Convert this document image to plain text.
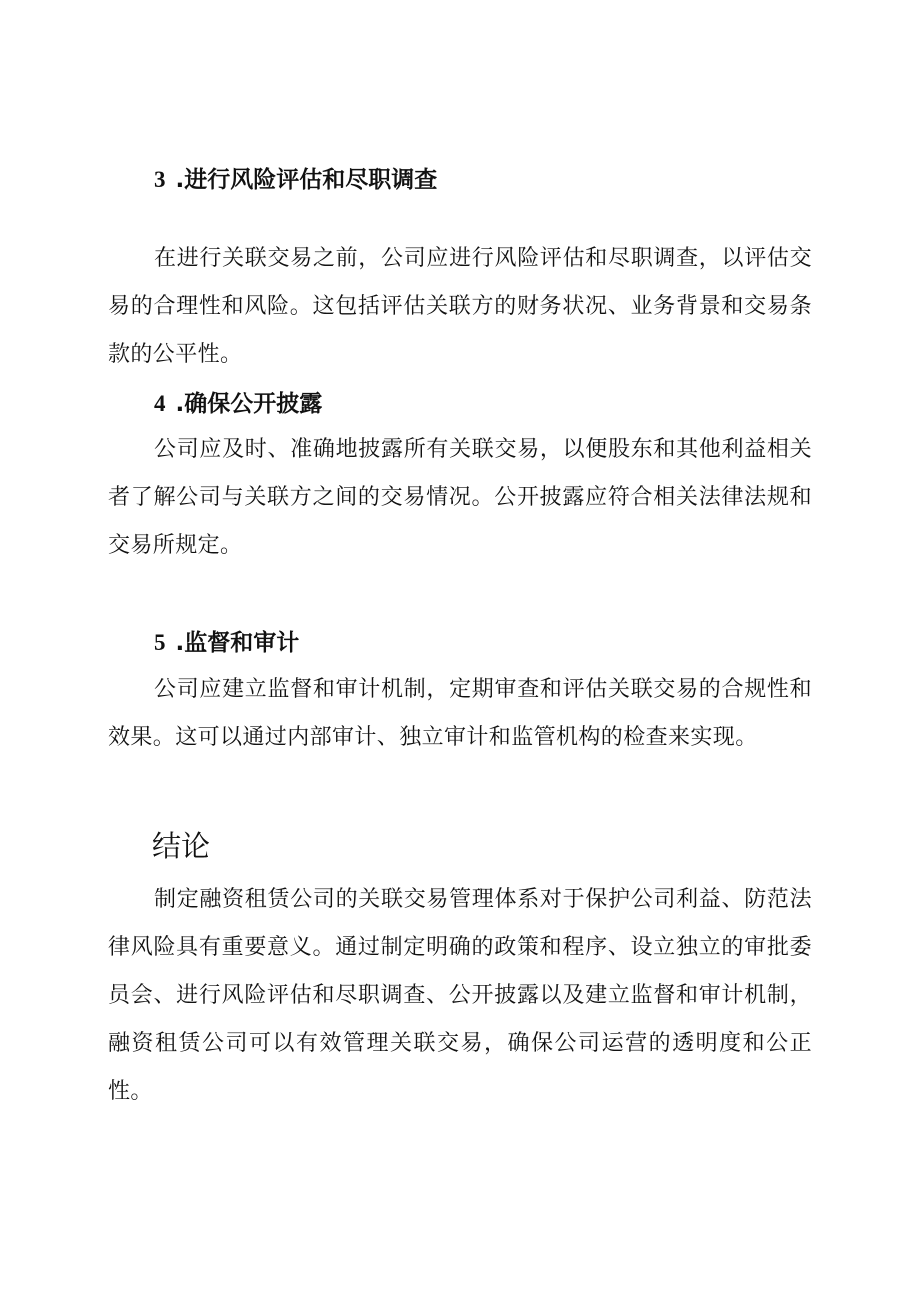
3 .进行风险评估和尽职调查

在进行关联交易之前，公司应进行风险评估和尽职调查，以评估交易的合理性和风险。这包括评估关联方的财务状况、业务背景和交易条款的公平性。

4 .确保公开披露

公司应及时、准确地披露所有关联交易，以便股东和其他利益相关者了解公司与关联方之间的交易情况。公开披露应符合相关法律法规和交易所规定。

5 .监督和审计

公司应建立监督和审计机制，定期审查和评估关联交易的合规性和效果。这可以通过内部审计、独立审计和监管机构的检查来实现。

结论

制定融资租赁公司的关联交易管理体系对于保护公司利益、防范法律风险具有重要意义。通过制定明确的政策和程序、设立独立的审批委员会、进行风险评估和尽职调查、公开披露以及建立监督和审计机制，融资租赁公司可以有效管理关联交易，确保公司运营的透明度和公正性。
